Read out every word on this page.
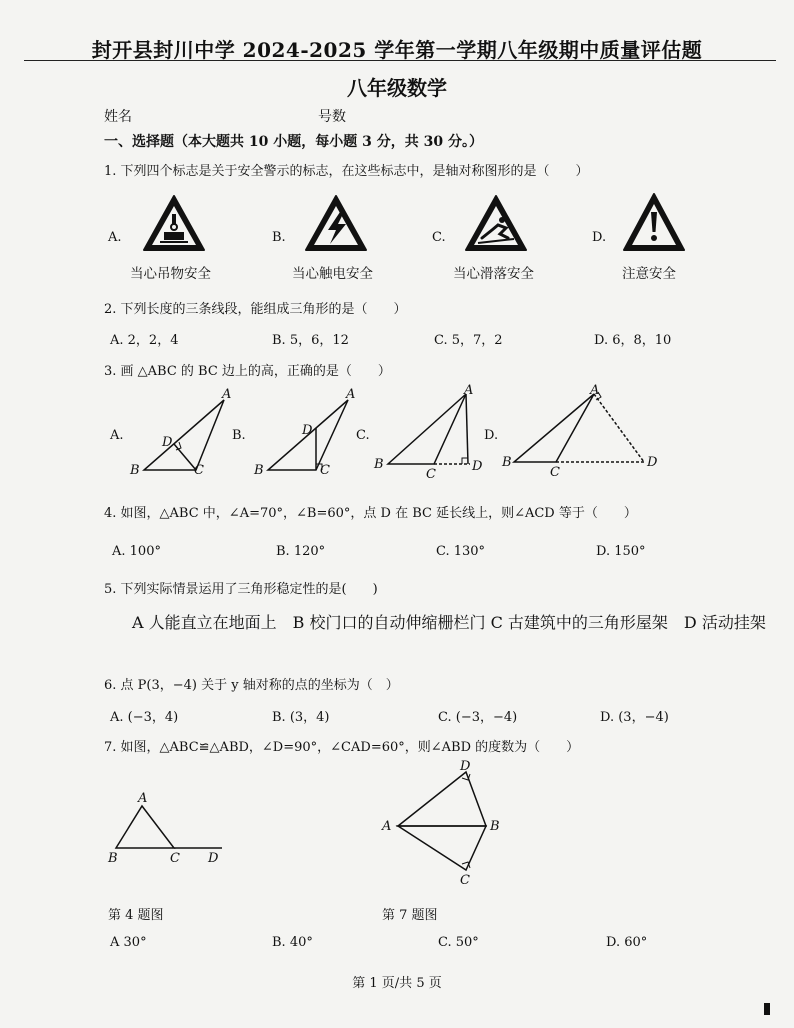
封开县封川中学 2024-2025 学年第一学期八年级期中质量评估题
八年级数学
姓名	号数
一、选择题（本大题共 10 小题，每小题 3 分，共 30 分。）
1. 下列四个标志是关于安全警示的标志，在这些标志中，是轴对称图形的是（　　）
A.	B.	C.	D.
当心吊物安全	当心触电安全	当心滑落安全	注意安全
2. 下列长度的三条线段，能组成三角形的是（　　）
A. 2，2，4	B. 5，6，12	C. 5，7，2	D. 6，8，10
3. 画 △ABC 的 BC 边上的高，正确的是（　　）
A.	B.	C.	D.
A
B	C
D
A
B	C
D
A
B
C
D
A
B
C
D
4. 如图，△ABC 中，∠A=70°，∠B=60°，点 D 在 BC 延长线上，则∠ACD 等于（　　）
A. 100°	B. 120°	C. 130°	D. 150°
5. 下列实际情景运用了三角形稳定性的是(　　)
A 人能直立在地面上　B 校门口的自动伸缩栅栏门 C 古建筑中的三角形屋架　D 活动挂架
6. 点 P(3，−4) 关于 y 轴对称的点的坐标为（　）
A. (−3，4)	B. (3，4)	C. (−3，−4)	D. (3，−4)
7. 如图，△ABC≌△ABD，∠D=90°，∠CAD=60°，则∠ABD 的度数为（　　）
A
B	C D
D
A	B
C
第 4 题图	第 7 题图
A 30°	B. 40°	C. 50°	D. 60°
第 1 页/共 5 页
